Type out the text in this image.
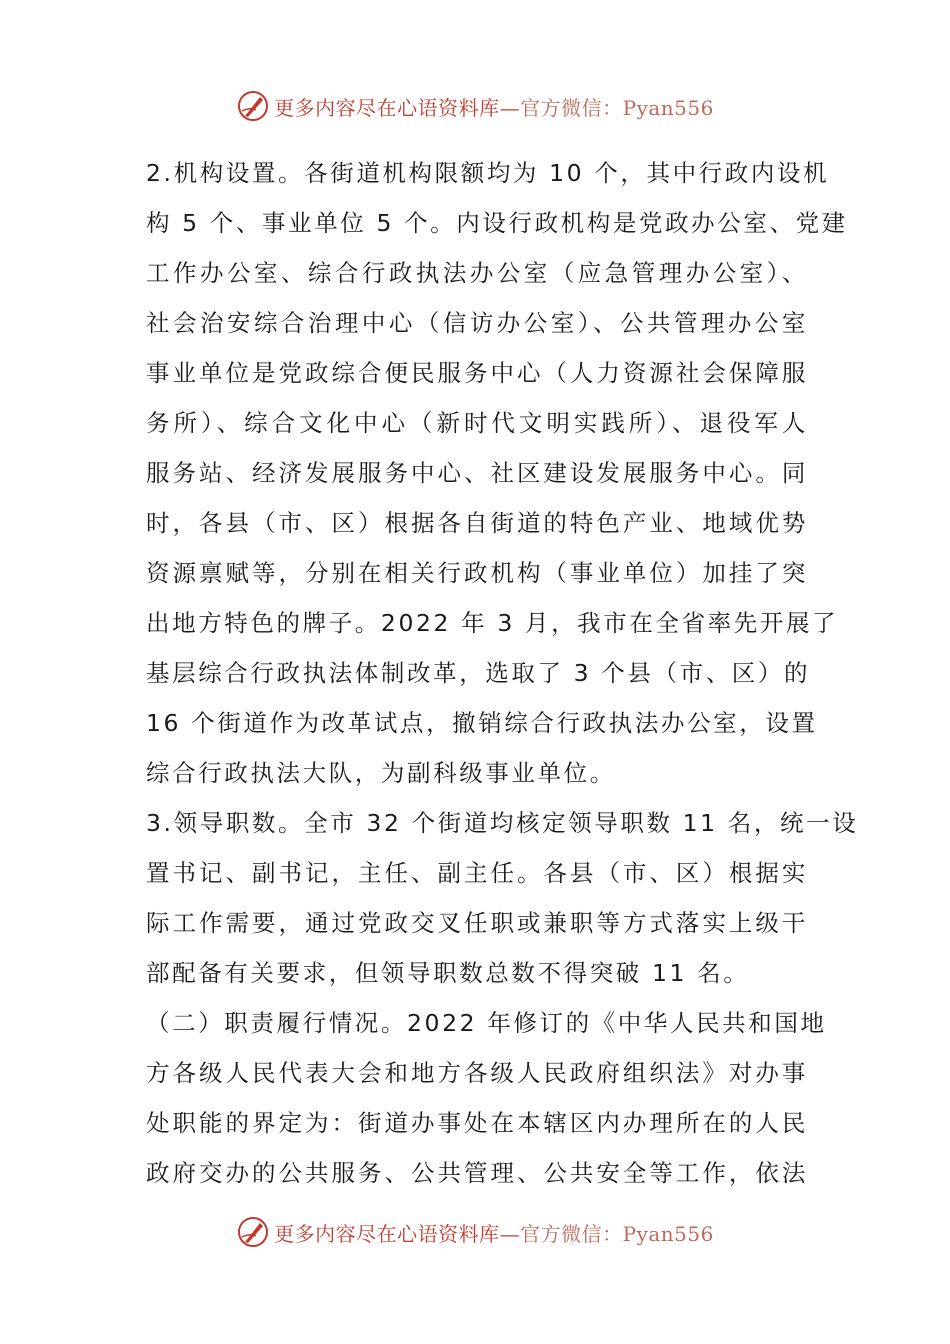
更多内容尽在心语资料库—官方微信：Pyan556
2.机构设置。各街道机构限额均为 10 个，其中行政内设机
构 5 个、事业单位 5 个。内设行政机构是党政办公室、党建
工作办公室、综合行政执法办公室（应急管理办公室）、
社会治安综合治理中心（信访办公室）、公共管理办公室
事业单位是党政综合便民服务中心（人力资源社会保障服
务所）、综合文化中心（新时代文明实践所）、退役军人
服务站、经济发展服务中心、社区建设发展服务中心。同
时，各县（市、区）根据各自街道的特色产业、地域优势
资源禀赋等，分别在相关行政机构（事业单位）加挂了突
出地方特色的牌子。2022 年 3 月，我市在全省率先开展了
基层综合行政执法体制改革，选取了 3 个县（市、区）的
16 个街道作为改革试点，撤销综合行政执法办公室，设置
综合行政执法大队，为副科级事业单位。
3.领导职数。全市 32 个街道均核定领导职数 11 名，统一设
置书记、副书记，主任、副主任。各县（市、区）根据实
际工作需要，通过党政交叉任职或兼职等方式落实上级干
部配备有关要求，但领导职数总数不得突破 11 名。
（二）职责履行情况。2022 年修订的《中华人民共和国地
方各级人民代表大会和地方各级人民政府组织法》对办事
处职能的界定为：街道办事处在本辖区内办理所在的人民
政府交办的公共服务、公共管理、公共安全等工作，依法
更多内容尽在心语资料库—官方微信：Pyan556
